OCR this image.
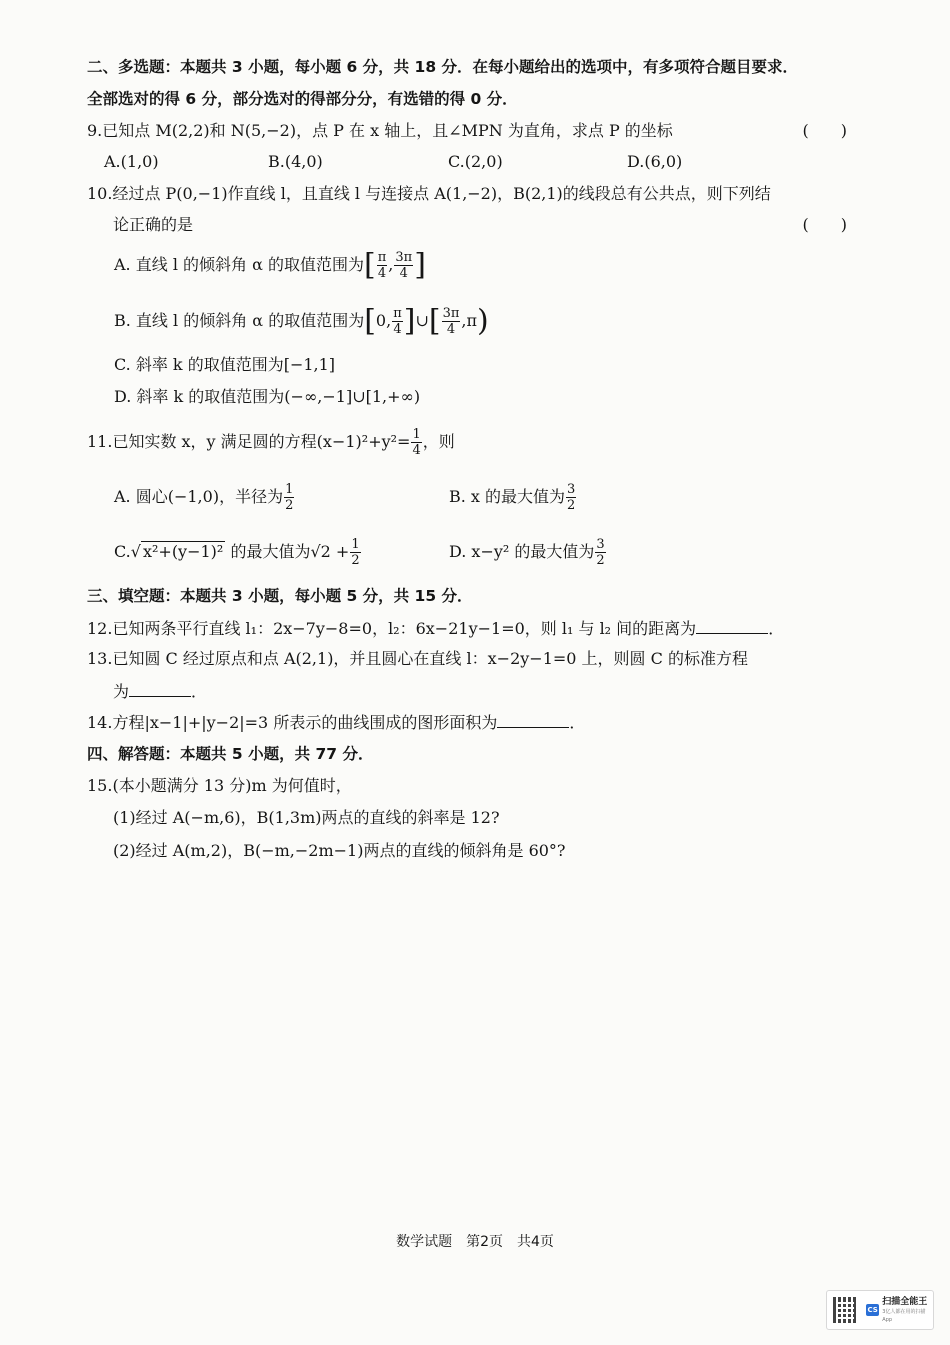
二、多选题：本题共 3 小题，每小题 6 分，共 18 分．在每小题给出的选项中，有多项符合题目要求．
全部选对的得 6 分，部分选对的得部分分，有选错的得 0 分．
9.已知点 M(2,2)和 N(5,−2)，点 P 在 x 轴上，且∠MPN 为直角，求点 P 的坐标	(　　)
A.(1,0)	B.(4,0)	C.(2,0)	D.(6,0)
10.经过点 P(0,−1)作直线 l，且直线 l 与连接点 A(1,−2)，B(2,1)的线段总有公共点，则下列结
论正确的是	(　　)
A. 直线 l 的倾斜角 α 的取值范围为[ $\frac{\pi}{4}$ , $\frac{3\pi}{4}$ ]
B. 直线 l 的倾斜角 α 的取值范围为[0, $\frac{\pi}{4}$ ]∪[ $\frac{3\pi}{4} ,\pi$)
C. 斜率 k 的取值范围为[−1,1]
D. 斜率 k 的取值范围为(−∞,−1]∪[1,+∞)
11.已知实数 x，y 满足圆的方程$(x-1)^2+y^2= \frac{1}{4}$ ，则
A. 圆心(−1,0)，半径为 $\frac{1}{2}$	B. x 的最大值为 $\frac{3}{2}$
C.√ x²+(y−1)² 的最大值为$√2 + \frac{1}{2}$	D. x−y² 的最大值为 $\frac{3}{2}$
三、填空题：本题共 3 小题，每小题 5 分，共 15 分．
12.已知两条平行直线 l₁：2x−7y−8=0，l₂：6x−21y−1=0，则 l₁ 与 l₂ 间的距离为	．
13.已知圆 C 经过原点和点 A(2,1)，并且圆心在直线 l：x−2y−1=0 上，则圆 C 的标准方程
为	．
14.方程|x−1|+|y−2|=3 所表示的曲线围成的图形面积为	．
四、解答题：本题共 5 小题，共 77 分．
15.(本小题满分 13 分)m 为何值时，
(1)经过 A(−m,6)，B(1,3m)两点的直线的斜率是 12?
(2)经过 A(m,2)，B(−m,−2m−1)两点的直线的倾斜角是 60°?
数学试题　第2页　共4页
CS
扫描全能王
3亿人都在用的扫描App
